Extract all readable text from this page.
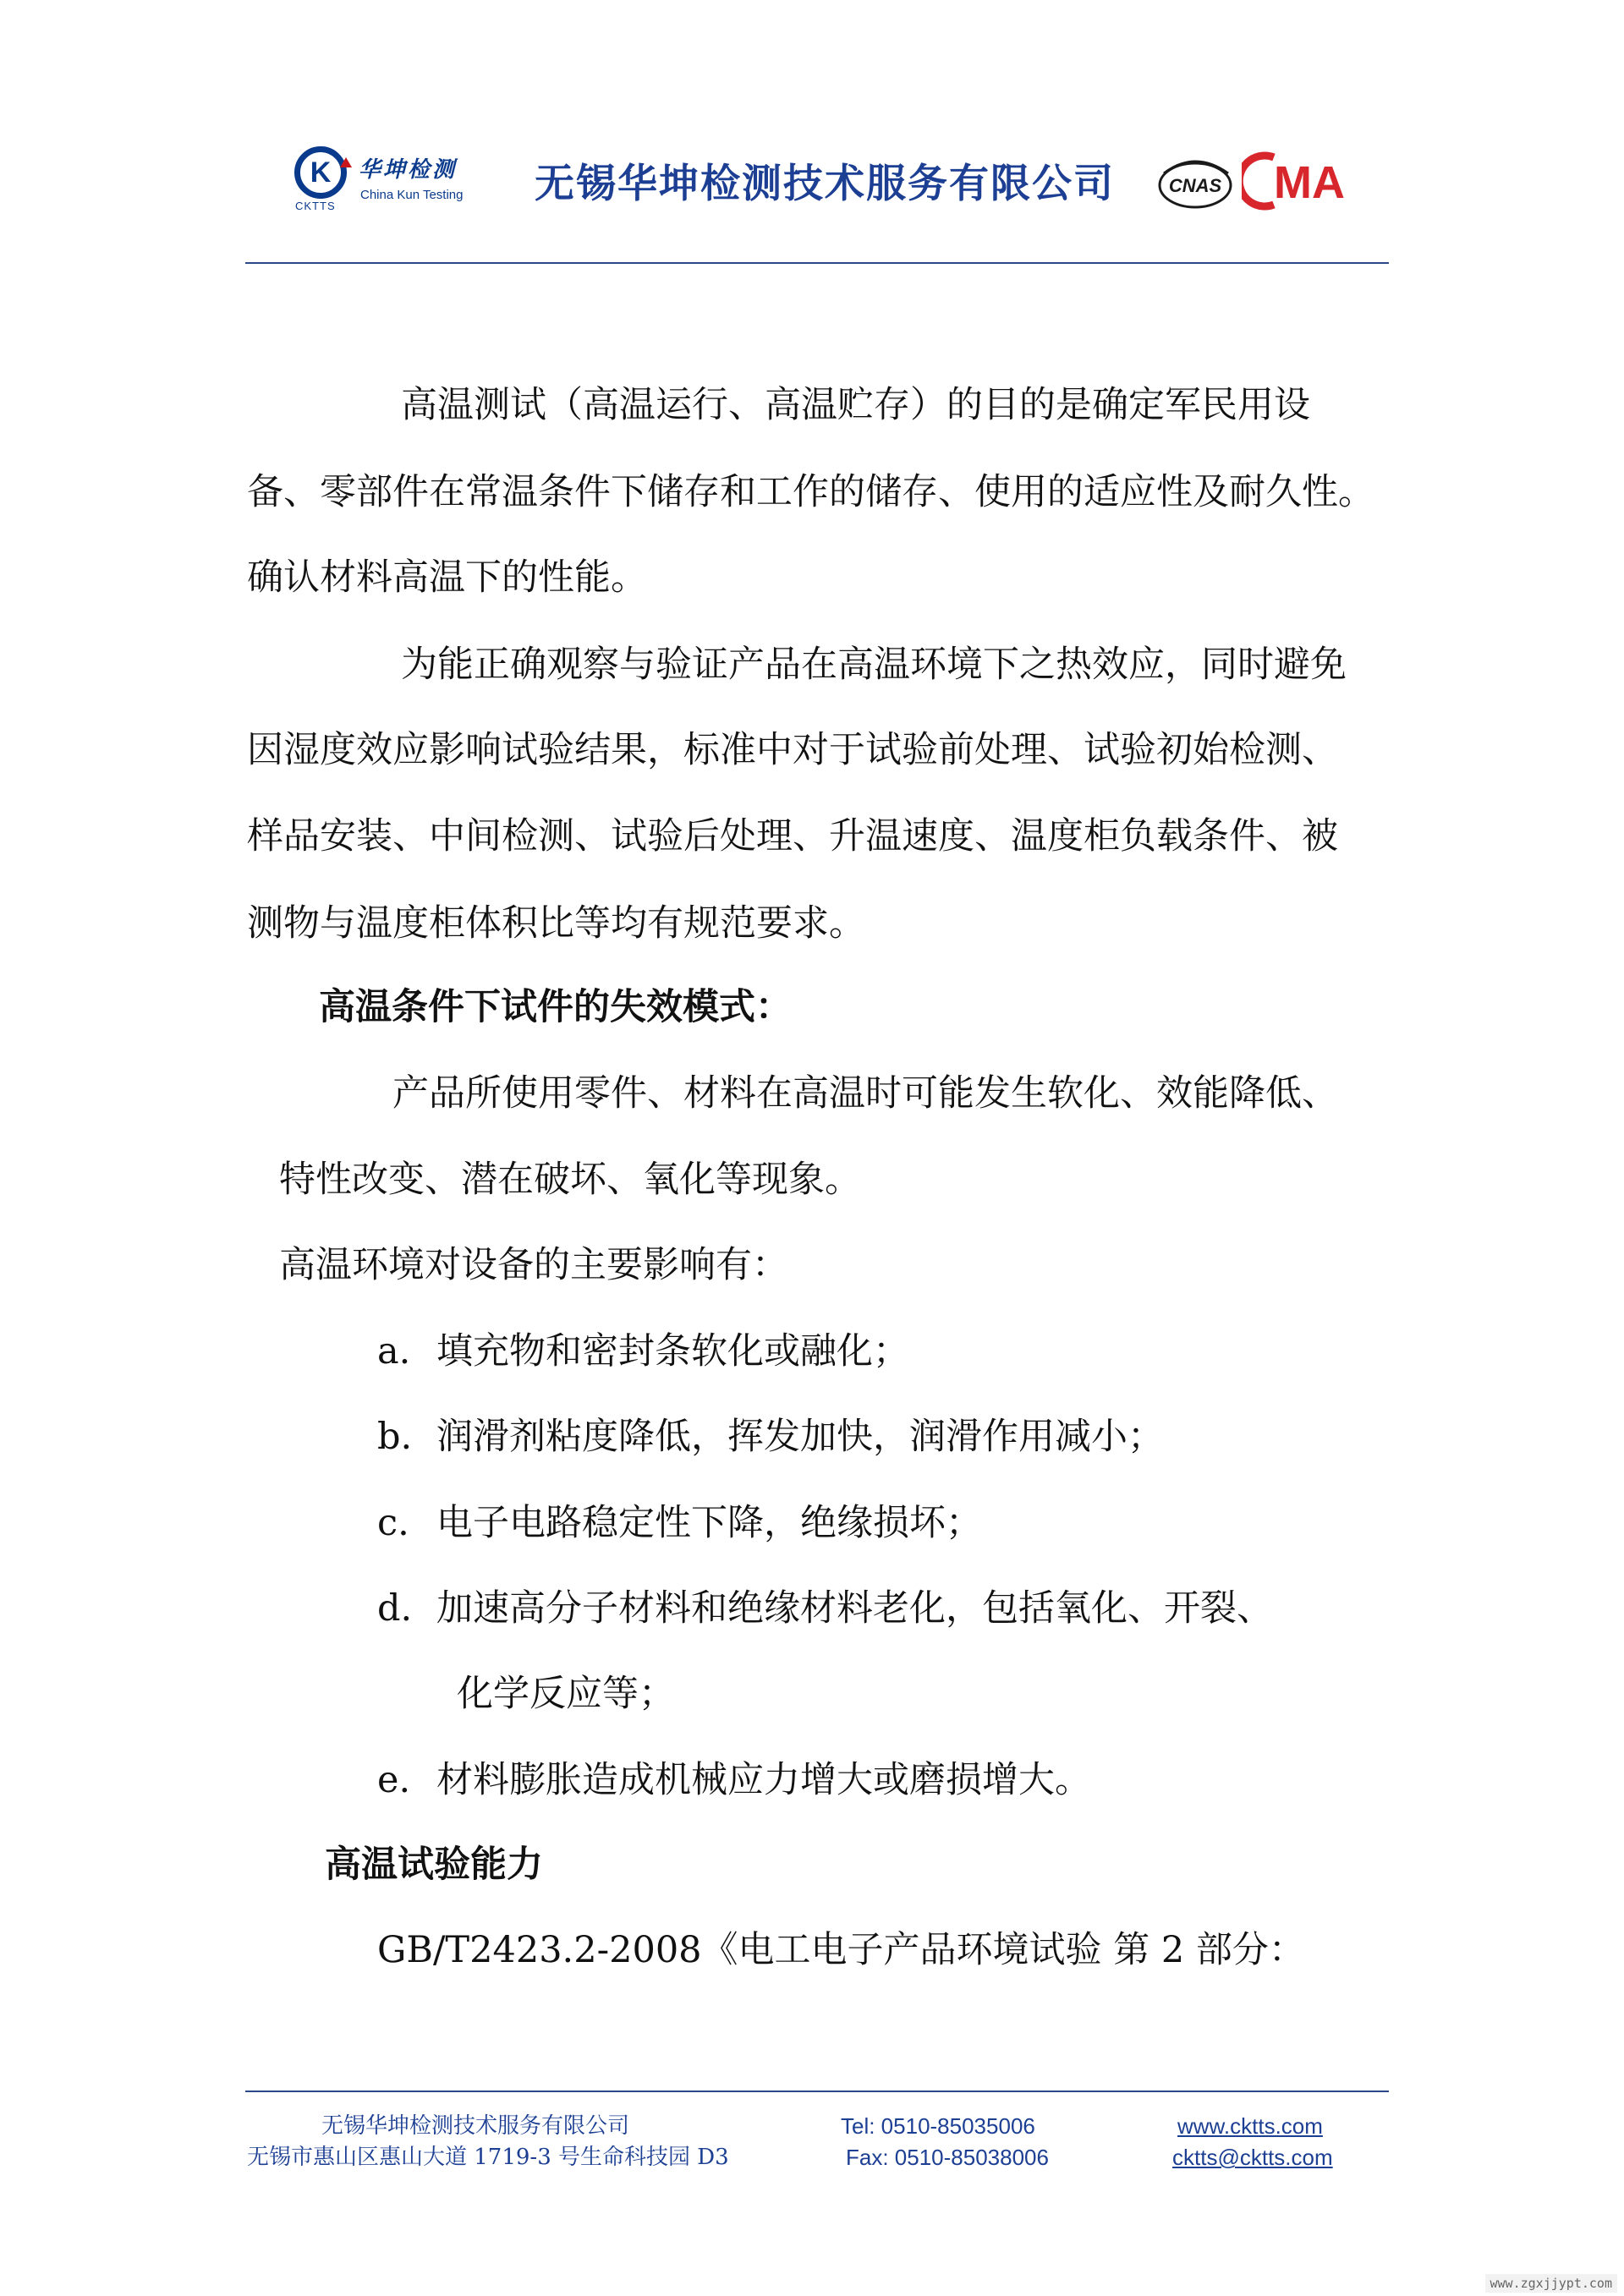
K
CKTTS
华坤检测
China Kun Testing 无锡华坤检测技术服务有限公司	CNAS MA
高温测试（高温运行、高温贮存）的目的是确定军民用设
备、零部件在常温条件下储存和工作的储存、使用的适应性及耐久性。
确认材料高温下的性能。
为能正确观察与验证产品在高温环境下之热效应，同时避免
因湿度效应影响试验结果，标准中对于试验前处理、试验初始检测、
样品安装、中间检测、试验后处理、升温速度、温度柜负载条件、被
测物与温度柜体积比等均有规范要求。
高温条件下试件的失效模式：
产品所使用零件、材料在高温时可能发生软化、效能降低、
特性改变、潜在破坏、氧化等现象。
高温环境对设备的主要影响有：
a. 填充物和密封条软化或融化；
b. 润滑剂粘度降低，挥发加快，润滑作用减小；
c. 电子电路稳定性下降，绝缘损坏；
d. 加速高分子材料和绝缘材料老化，包括氧化、开裂、
化学反应等；
e. 材料膨胀造成机械应力增大或磨损增大。
高温试验能力
GB/T2423.2-2008《电工电子产品环境试验 第 2 部分：
无锡华坤检测技术服务有限公司
无锡市惠山区惠山大道 1719-3 号生命科技园 D3
Tel: 0510-85035006
Fax: 0510-85038006
www.cktts.com
cktts@cktts.com
www.zgxjjypt.com
